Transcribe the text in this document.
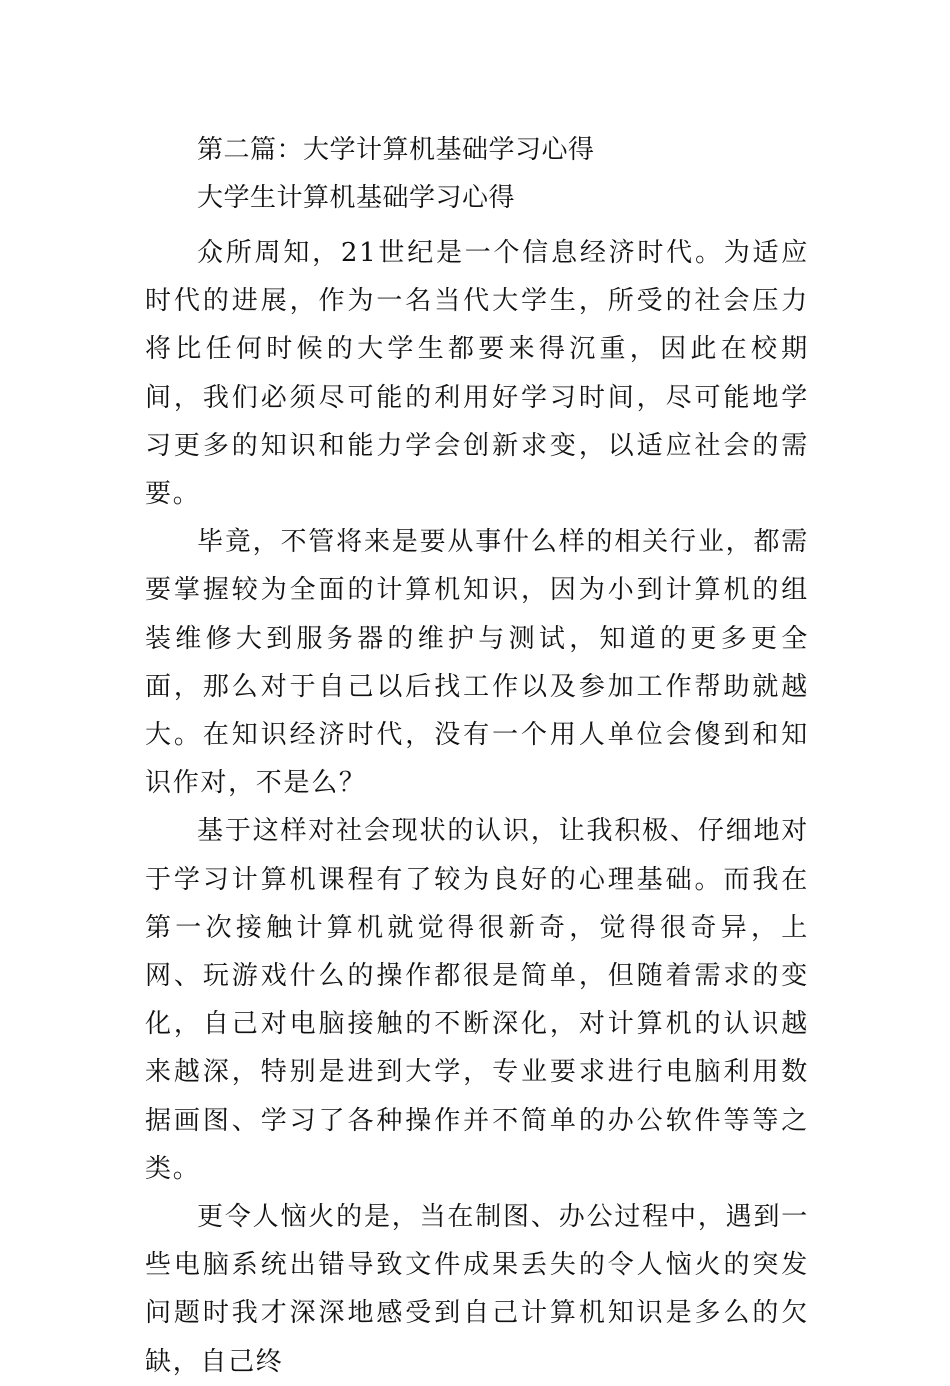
第二篇：大学计算机基础学习心得
大学生计算机基础学习心得

众所周知，21世纪是一个信息经济时代。为适应时代的进展，作为一名当代大学生，所受的社会压力将比任何时候的大学生都要来得沉重，因此在校期间，我们必须尽可能的利用好学习时间，尽可能地学习更多的知识和能力学会创新求变，以适应社会的需要。

毕竟，不管将来是要从事什么样的相关行业，都需要掌握较为全面的计算机知识，因为小到计算机的组装维修大到服务器的维护与测试，知道的更多更全面，那么对于自己以后找工作以及参加工作帮助就越大。在知识经济时代，没有一个用人单位会傻到和知识作对，不是么？

基于这样对社会现状的认识，让我积极、仔细地对于学习计算机课程有了较为良好的心理基础。而我在第一次接触计算机就觉得很新奇，觉得很奇异，上网、玩游戏什么的操作都很是简单，但随着需求的变化，自己对电脑接触的不断深化，对计算机的认识越来越深，特别是进到大学，专业要求进行电脑利用数据画图、学习了各种操作并不简单的办公软件等等之类。

更令人恼火的是，当在制图、办公过程中，遇到一些电脑系统出错导致文件成果丢失的令人恼火的突发问题时我才深深地感受到自己计算机知识是多么的欠缺，自己终
